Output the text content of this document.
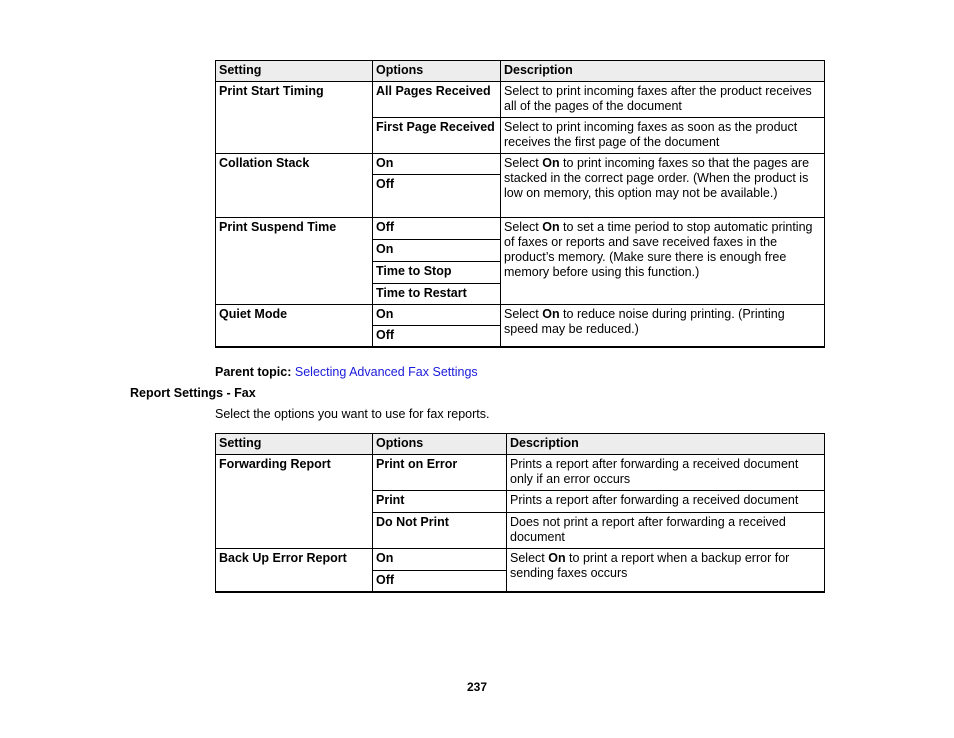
Setting	Options	Description
Print Start Timing	All Pages Received	Select to print incoming faxes after the product receives all of the pages of the document
	First Page Received	Select to print incoming faxes as soon as the product receives the first page of the document
Collation Stack	On	Select On to print incoming faxes so that the pages are stacked in the correct page order. (When the product is low on memory, this option may not be available.)
	Off	
Print Suspend Time	Off	Select On to set a time period to stop automatic printing of faxes or reports and save received faxes in the product’s memory. (Make sure there is enough free memory before using this function.)
	On	
	Time to Stop	
	Time to Restart	
Quiet Mode	On	Select On to reduce noise during printing. (Printing speed may be reduced.)
	Off	
Parent topic: Selecting Advanced Fax Settings
Report Settings - Fax
Select the options you want to use for fax reports.
Setting	Options	Description
Forwarding Report	Print on Error	Prints a report after forwarding a received document only if an error occurs
	Print	Prints a report after forwarding a received document
	Do Not Print	Does not print a report after forwarding a received document
Back Up Error Report	On	Select On to print a report when a backup error for sending faxes occurs
	Off	
237
